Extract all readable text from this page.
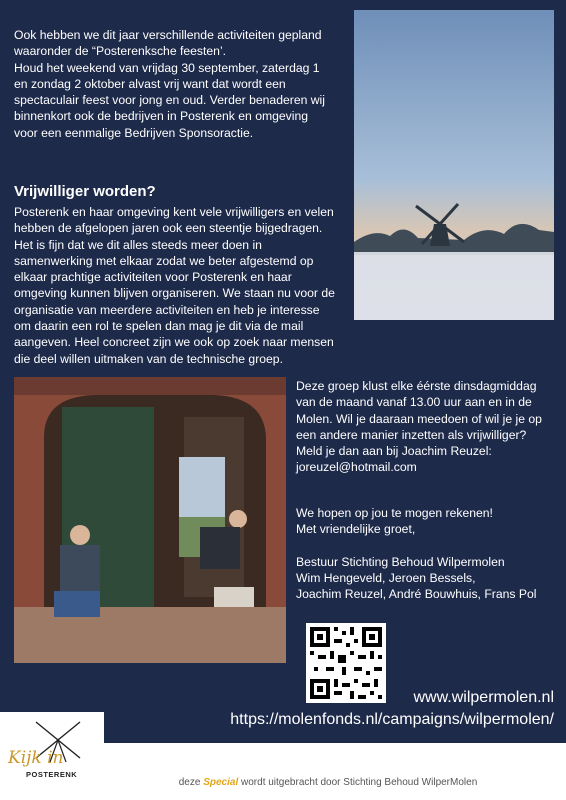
Ook hebben we dit jaar verschillende activiteiten gepland
waaronder de “Posterenksche feesten’.
Houd het weekend van vrijdag 30 september, zaterdag 1
en zondag 2 oktober alvast vrij want dat wordt een
spectaculair feest voor jong en oud. Verder benaderen wij
binnenkort ook de bedrijven in Posterenk en omgeving
voor een eenmalige Bedrijven Sponsoractie.
Vrijwilliger worden?
Posterenk en haar omgeving kent vele vrijwilligers en velen
hebben de afgelopen jaren ook een steentje bijgedragen.
Het is fijn dat we dit alles steeds meer doen in
samenwerking met elkaar zodat we beter afgestemd op
elkaar prachtige activiteiten voor Posterenk en haar
omgeving kunnen blijven organiseren. We staan nu voor de
organisatie van meerdere activiteiten en heb je interesse
om daarin een rol te spelen dan mag je dit via de mail
aangeven. Heel concreet zijn we ook op zoek naar mensen
die deel willen uitmaken van de technische groep.
Deze groep klust elke éérste dinsdagmiddag
van de maand vanaf 13.00 uur aan en in de
Molen. Wil je daaraan meedoen of wil je je op
een andere manier inzetten als vrijwilliger?
Meld je dan aan bij Joachim Reuzel:
joreuzel@hotmail.com
We hopen op jou te mogen rekenen!
Met vriendelijke groet,
Bestuur Stichting Behoud Wilpermolen
Wim Hengeveld, Jeroen Bessels,
Joachim Reuzel, André Bouwhuis, Frans Pol
www.wilpermolen.nl
https://molenfonds.nl/campaigns/wilpermolen/
deze Special wordt uitgebracht door Stichting Behoud WilperMolen
Kijk in
POSTERENK
